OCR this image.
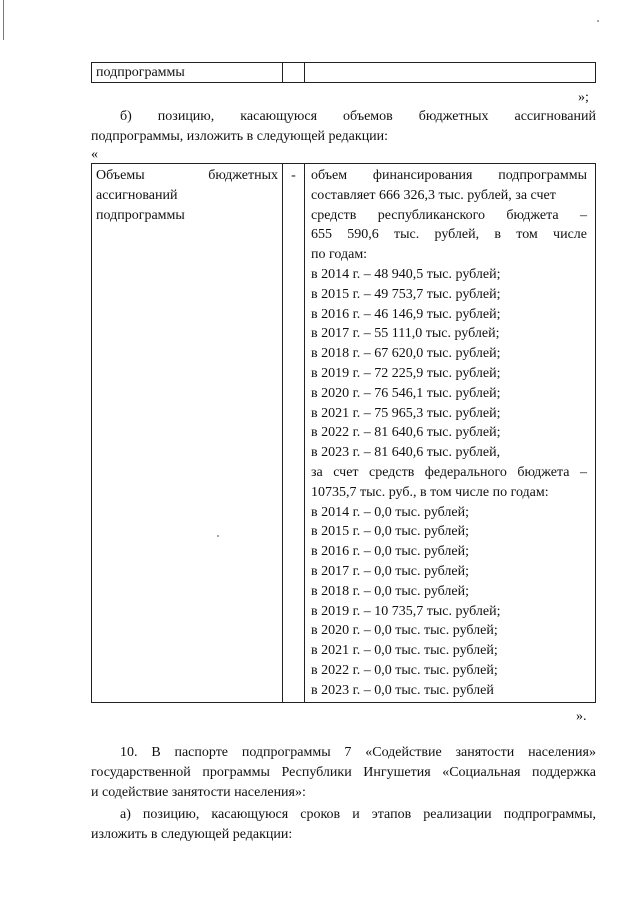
подпрограммы
»;
б) позицию, касающуюся объемов бюджетных ассигнований
подпрограммы, изложить в следующей редакции:
«
Объемы бюджетных
ассигнований
подпрограммы
-	объем финансирования подпрограммы
составляет 666 326,3 тыс. рублей, за счет
средств республиканского бюджета –
655 590,6 тыс. рублей, в том числе
по годам:
в 2014 г. – 48 940,5 тыс. рублей;
в 2015 г. – 49 753,7 тыс. рублей;
в 2016 г. – 46 146,9 тыс. рублей;
в 2017 г. – 55 111,0 тыс. рублей;
в 2018 г. – 67 620,0 тыс. рублей;
в 2019 г. – 72 225,9 тыс. рублей;
в 2020 г. – 76 546,1 тыс. рублей;
в 2021 г. – 75 965,3 тыс. рублей;
в 2022 г. – 81 640,6 тыс. рублей;
в 2023 г. – 81 640,6 тыс. рублей,
за счет средств федерального бюджета –
10735,7 тыс. руб., в том числе по годам:
в 2014 г. – 0,0 тыс. рублей;
в 2015 г. – 0,0 тыс. рублей;
в 2016 г. – 0,0 тыс. рублей;
в 2017 г. – 0,0 тыс. рублей;
в 2018 г. – 0,0 тыс. рублей;
в 2019 г. – 10 735,7 тыс. рублей;
в 2020 г. – 0,0 тыс. тыс. рублей;
в 2021 г. – 0,0 тыс. тыс. рублей;
в 2022 г. – 0,0 тыс. тыс. рублей;
в 2023 г. – 0,0 тыс. тыс. рублей
».
10. В паспорте подпрограммы 7 «Содействие занятости населения»
государственной программы Республики Ингушетия «Социальная поддержка
и содействие занятости населения»:
а) позицию, касающуюся сроков и этапов реализации подпрограммы,
изложить в следующей редакции:
